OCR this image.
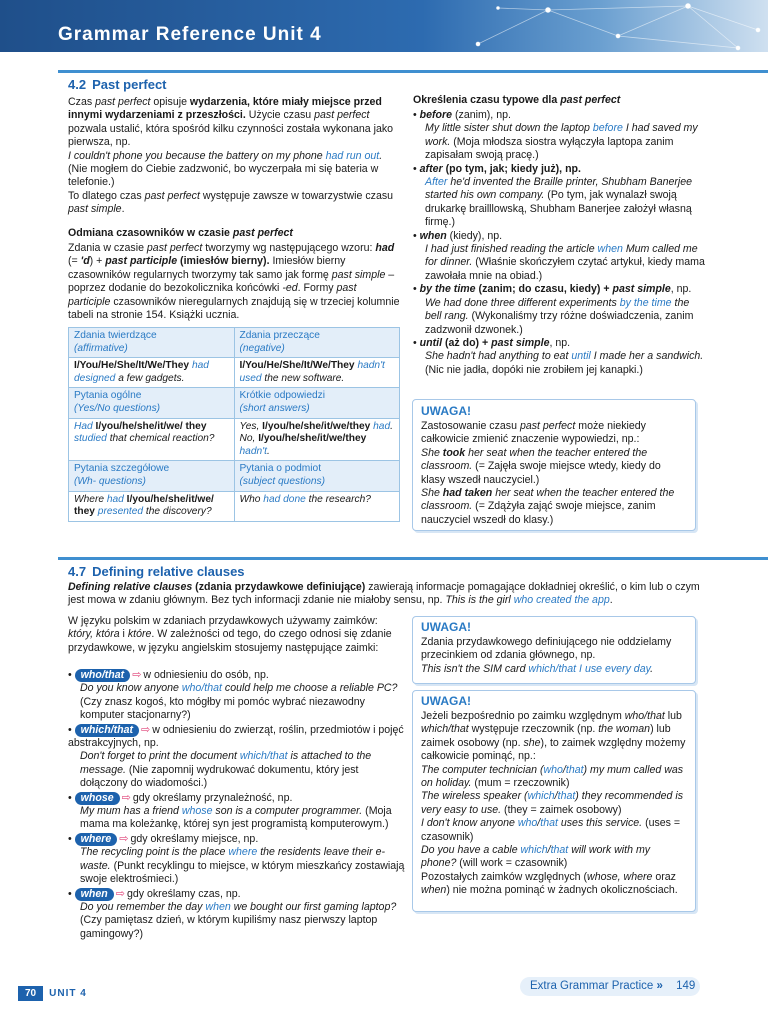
Grammar Reference Unit 4
4.2 Past perfect

Czas past perfect opisuje wydarzenia, które miały miejsce przed innymi wydarzeniami z przeszłości. Użycie czasu past perfect pozwala ustalić, która spośród kilku czynności została wykonana jako pierwsza, np.

I couldn't phone you because the battery on my phone had run out. (Nie mogłem do Ciebie zadzwonić, bo wyczerpała mi się bateria w telefonie.)

To dlatego czas past perfect występuje zawsze w towarzystwie czasu past simple.

Odmiana czasowników w czasie past perfect
Zdania w czasie past perfect tworzymy wg następującego wzoru: had (= 'd) + past participle (imiesłów bierny). Imiesłów bierny czasowników regularnych tworzymy tak samo jak formę past simple – poprzez dodanie do bezokolicznika końcówki -ed. Formy past participle czasowników nieregularnych znajdują się w trzeciej kolumnie tabeli na stronie 154. Książki ucznia.
Zdania twierdzące
(affirmative)	Zdania przeczące
(negative)
I/You/He/She/It/We/They had designed a few gadgets.	I/You/He/She/It/We/They hadn't used the new software.
Pytania ogólne
(Yes/No questions)	Krótkie odpowiedzi
(short answers)
Had I/you/he/she/it/we/ they studied that chemical reaction?	Yes, I/you/he/she/it/we/they had.
No, I/you/he/she/it/we/they hadn't.
Pytania szczegółowe
(Wh- questions)	Pytania o podmiot
(subject questions)
Where had I/you/he/she/it/we/ they presented the discovery?	Who had done the research?
Określenia czasu typowe dla past perfect
• before (zanim), np.
My little sister shut down the laptop before I had saved my work. (Moja młodsza siostra wyłączyła laptopa zanim zapisałam swoją pracę.)
• after (po tym, jak; kiedy już), np.
After he'd invented the Braille printer, Shubham Banerjee started his own company. (Po tym, jak wynalazł swoją drukarkę brailllowską, Shubham Banerjee założył własną firmę.)
• when (kiedy), np.
I had just finished reading the article when Mum called me for dinner. (Właśnie skończyłem czytać artykuł, kiedy mama zawołała mnie na obiad.)
• by the time (zanim; do czasu, kiedy) + past simple, np.
We had done three different experiments by the time the bell rang. (Wykonaliśmy trzy różne doświadczenia, zanim zadzwonił dzwonek.)
• until (aż do) + past simple, np.
She hadn't had anything to eat until I made her a sandwich. (Nic nie jadła, dopóki nie zrobiłem jej kanapki.)
UWAGA!

Zastosowanie czasu past perfect może niekiedy całkowicie zmienić znaczenie wypowiedzi, np.:

She took her seat when the teacher entered the classroom. (= Zajęła swoje miejsce wtedy, kiedy do klasy wszedł nauczyciel.)

She had taken her seat when the teacher entered the classroom. (= Zdążyła zająć swoje miejsce, zanim nauczyciel wszedł do klasy.)

4.7 Defining relative clauses
Defining relative clauses (zdania przydawkowe definiujące) zawierają informacje pomagające dokładniej określić, o kim lub o czym jest mowa w zdaniu głównym. Bez tych informacji zdanie nie miałoby sensu, np. This is the girl who created the app.
W języku polskim w zdaniach przydawkowych używamy zaimków: który, która i które. W zależności od tego, do czego odnosi się zdanie przydawkowe, w języku angielskim stosujemy następujące zaimki:
• who/that ⇨ w odniesieniu do osób, np.
Do you know anyone who/that could help me choose a reliable PC? (Czy znasz kogoś, kto mógłby mi pomóc wybrać niezawodny komputer stacjonarny?)
• which/that ⇨ w odniesieniu do zwierząt, roślin, przedmiotów i pojęć abstrakcyjnych, np.
Don't forget to print the document which/that is attached to the message. (Nie zapomnij wydrukować dokumentu, który jest dołączony do wiadomości.)
• whose ⇨ gdy określamy przynależność, np.
My mum has a friend whose son is a computer programmer. (Moja mama ma koleżankę, której syn jest programistą komputerowym.)
• where ⇨ gdy określamy miejsce, np.
The recycling point is the place where the residents leave their e-waste. (Punkt recyklingu to miejsce, w którym mieszkańcy zostawiają swoje elektrośmieci.)
• when ⇨ gdy określamy czas, np.
Do you remember the day when we bought our first gaming laptop? (Czy pamiętasz dzień, w którym kupiliśmy nasz pierwszy laptop gamingowy?)
UWAGA!

Zdania przydawkowego definiującego nie oddzielamy przecinkiem od zdania głównego, np.

This isn't the SIM card which/that I use every day.

UWAGA!

Jeżeli bezpośrednio po zaimku względnym who/that lub which/that występuje rzeczownik (np. the woman) lub zaimek osobowy (np. she), to zaimek względny możemy całkowicie pominąć, np.:

The computer technician (who/that) my mum called was on holiday. (mum = rzeczownik)

The wireless speaker (which/that) they recommended is very easy to use. (they = zaimek osobowy)

I don't know anyone who/that uses this service. (uses = czasownik)

Do you have a cable which/that will work with my phone? (will work = czasownik)

Pozostałych zaimków względnych (whose, where oraz when) nie można pominąć w żadnych okolicznościach.

70 UNIT 4
Extra Grammar Practice » 149
